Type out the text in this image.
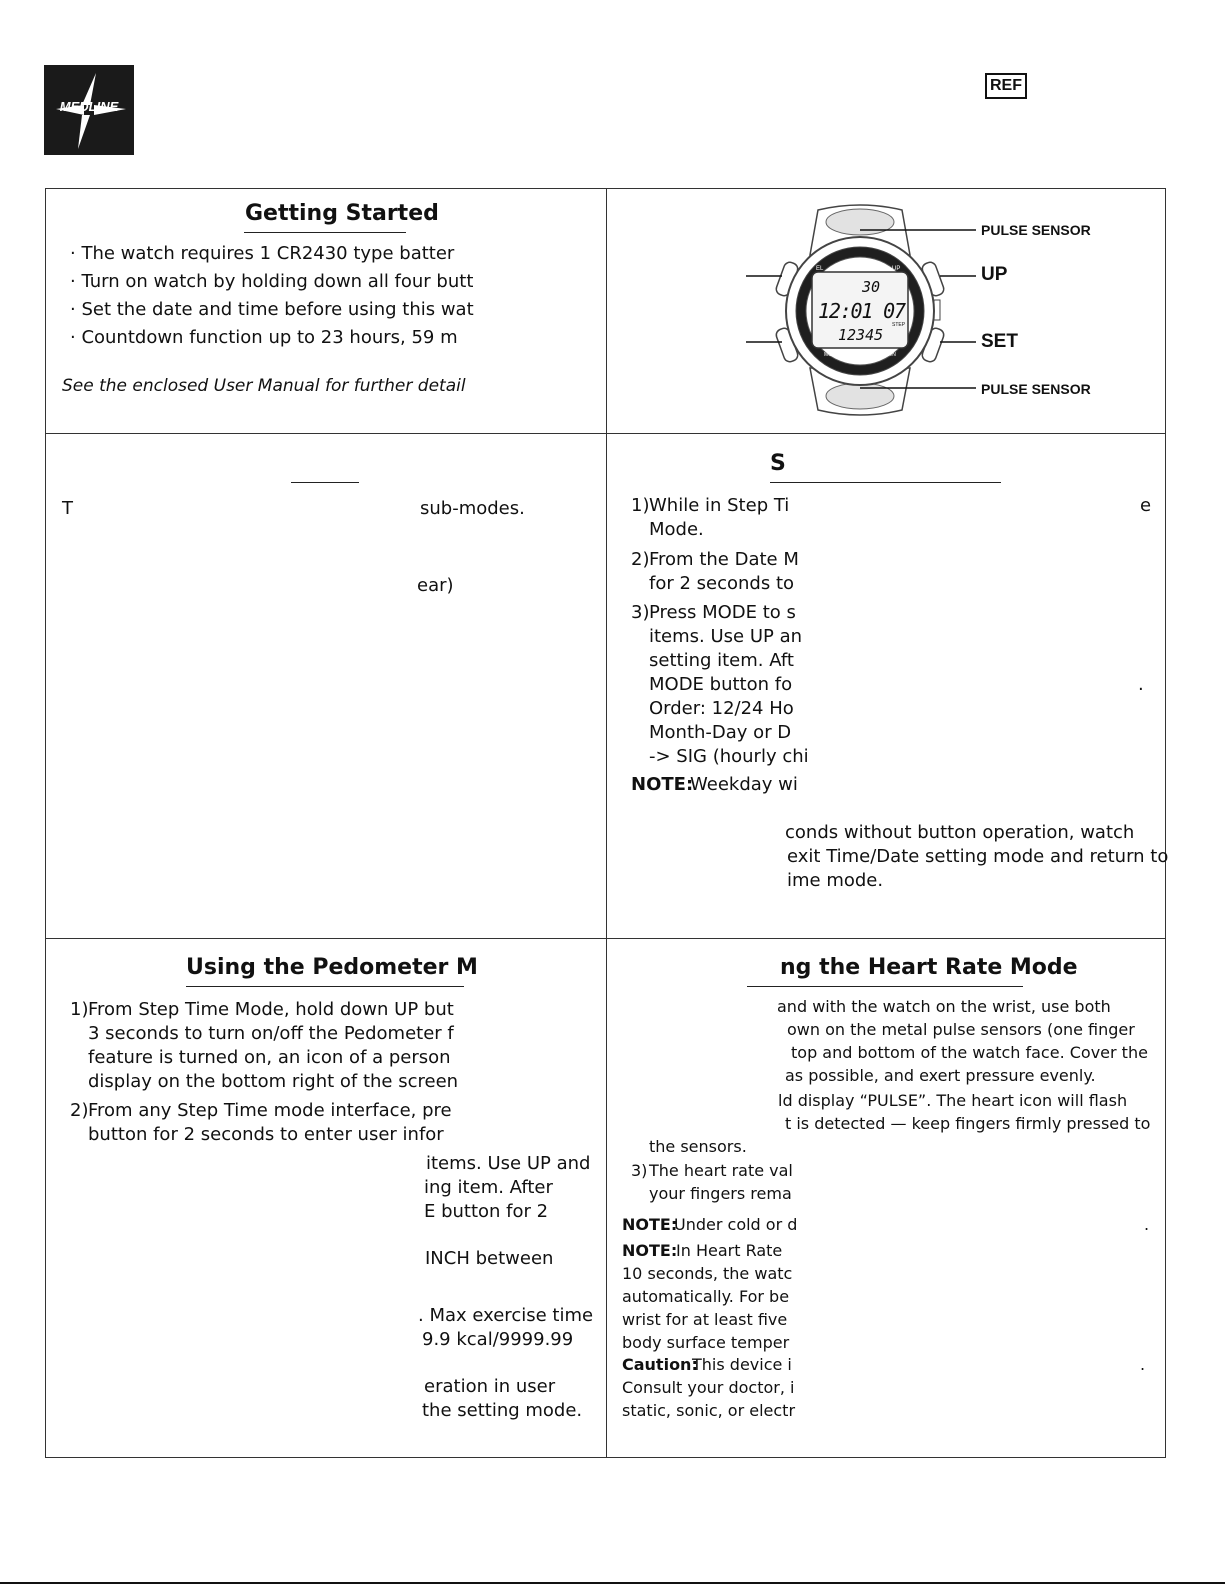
MEDLINE
REF
Getting Started
· The watch requires 1 CR2430 type batter
· Turn on watch by holding down all four butt
· Set the date and time before using this wat
· Countdown function up to 23 hours, 59 m
See the enclosed User Manual for further detail
EL	UP
30
12:01 07
STEP
12345
MODE	DOWN
WR30M
PULSE SENSOR
UP
SET
PULSE SENSOR
T	sub-modes.
ear)
S
1) While in Step Ti	e
Mode.
2) From the Date M
for 2 seconds to
3) Press MODE to s
items. Use UP an
setting item. Aft
MODE button fo	.
Order: 12/24 Ho
Month-Day or D
-> SIG (hourly chi
NOTE:
Weekday wi
conds without button operation, watch
exit Time/Date setting mode and return to
ime mode.
Using the Pedometer M
1) From Step Time Mode, hold down UP but
3 seconds to turn on/off the Pedometer f
feature is turned on, an icon of a person
display on the bottom right of the screen
2) From any Step Time mode interface, pre
button for 2 seconds to enter user infor
items. Use UP and
ing item. After
E button for 2
INCH between
. Max exercise time
9.9 kcal/9999.99
eration in user
the setting mode.
ng the Heart Rate Mode
and with the watch on the wrist, use both
own on the metal pulse sensors (one finger
top and bottom of the watch face. Cover the
as possible, and exert pressure evenly.
ld display “PULSE”. The heart icon will flash
t is detected — keep fingers firmly pressed to
the sensors.
3) The heart rate val
your fingers rema
NOTE:
Under cold or d	.
NOTE:
In Heart Rate
10 seconds, the watc
automatically. For be
wrist for at least five
body surface temper
Caution:
This device i	.
Consult your doctor, i
static, sonic, or electr
